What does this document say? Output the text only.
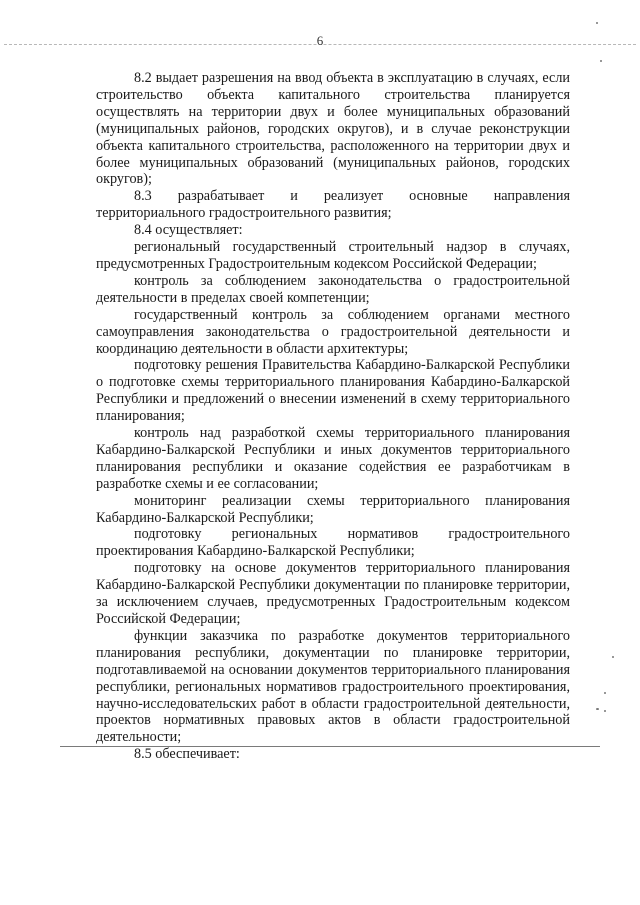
6

8.2 выдает разрешения на ввод объекта в эксплуатацию в случаях, если строительство объекта капитального строительства планируется осуществлять на территории двух и более муниципальных образований (муниципальных районов, городских округов), и в случае реконструкции объекта капитального строительства, расположенного на территории двух и более муниципальных образований (муниципальных районов, городских округов);

8.3 разрабатывает и реализует основные направления территориального градостроительного развития;

8.4 осуществляет:

региональный государственный строительный надзор в случаях, предусмотренных Градостроительным кодексом Российской Федерации;

контроль за соблюдением законодательства о градостроительной деятельности в пределах своей компетенции;

государственный контроль за соблюдением органами местного самоуправления законодательства о градостроительной деятельности и координацию деятельности в области архитектуры;

подготовку решения Правительства Кабардино-Балкарской Республики о подготовке схемы территориального планирования Кабардино-Балкарской Республики и предложений о внесении изменений в схему территориального планирования;

контроль над разработкой схемы территориального планирования Кабардино-Балкарской Республики и иных документов территориального планирования республики и оказание содействия ее разработчикам в разработке схемы и ее согласовании;

мониторинг реализации схемы территориального планирования Кабардино-Балкарской Республики;

подготовку региональных нормативов градостроительного проектирования Кабардино-Балкарской Республики;

подготовку на основе документов территориального планирования Кабардино-Балкарской Республики документации по планировке территории, за исключением случаев, предусмотренных Градостроительным кодексом Российской Федерации;

функции заказчика по разработке документов территориального планирования республики, документации по планировке территории, подготавливаемой на основании документов территориального планирования республики, региональных нормативов градостроительного проектирования, научно-исследовательских работ в области градостроительной деятельности, проектов нормативных правовых актов в области градостроительной деятельности;

8.5 обеспечивает:
